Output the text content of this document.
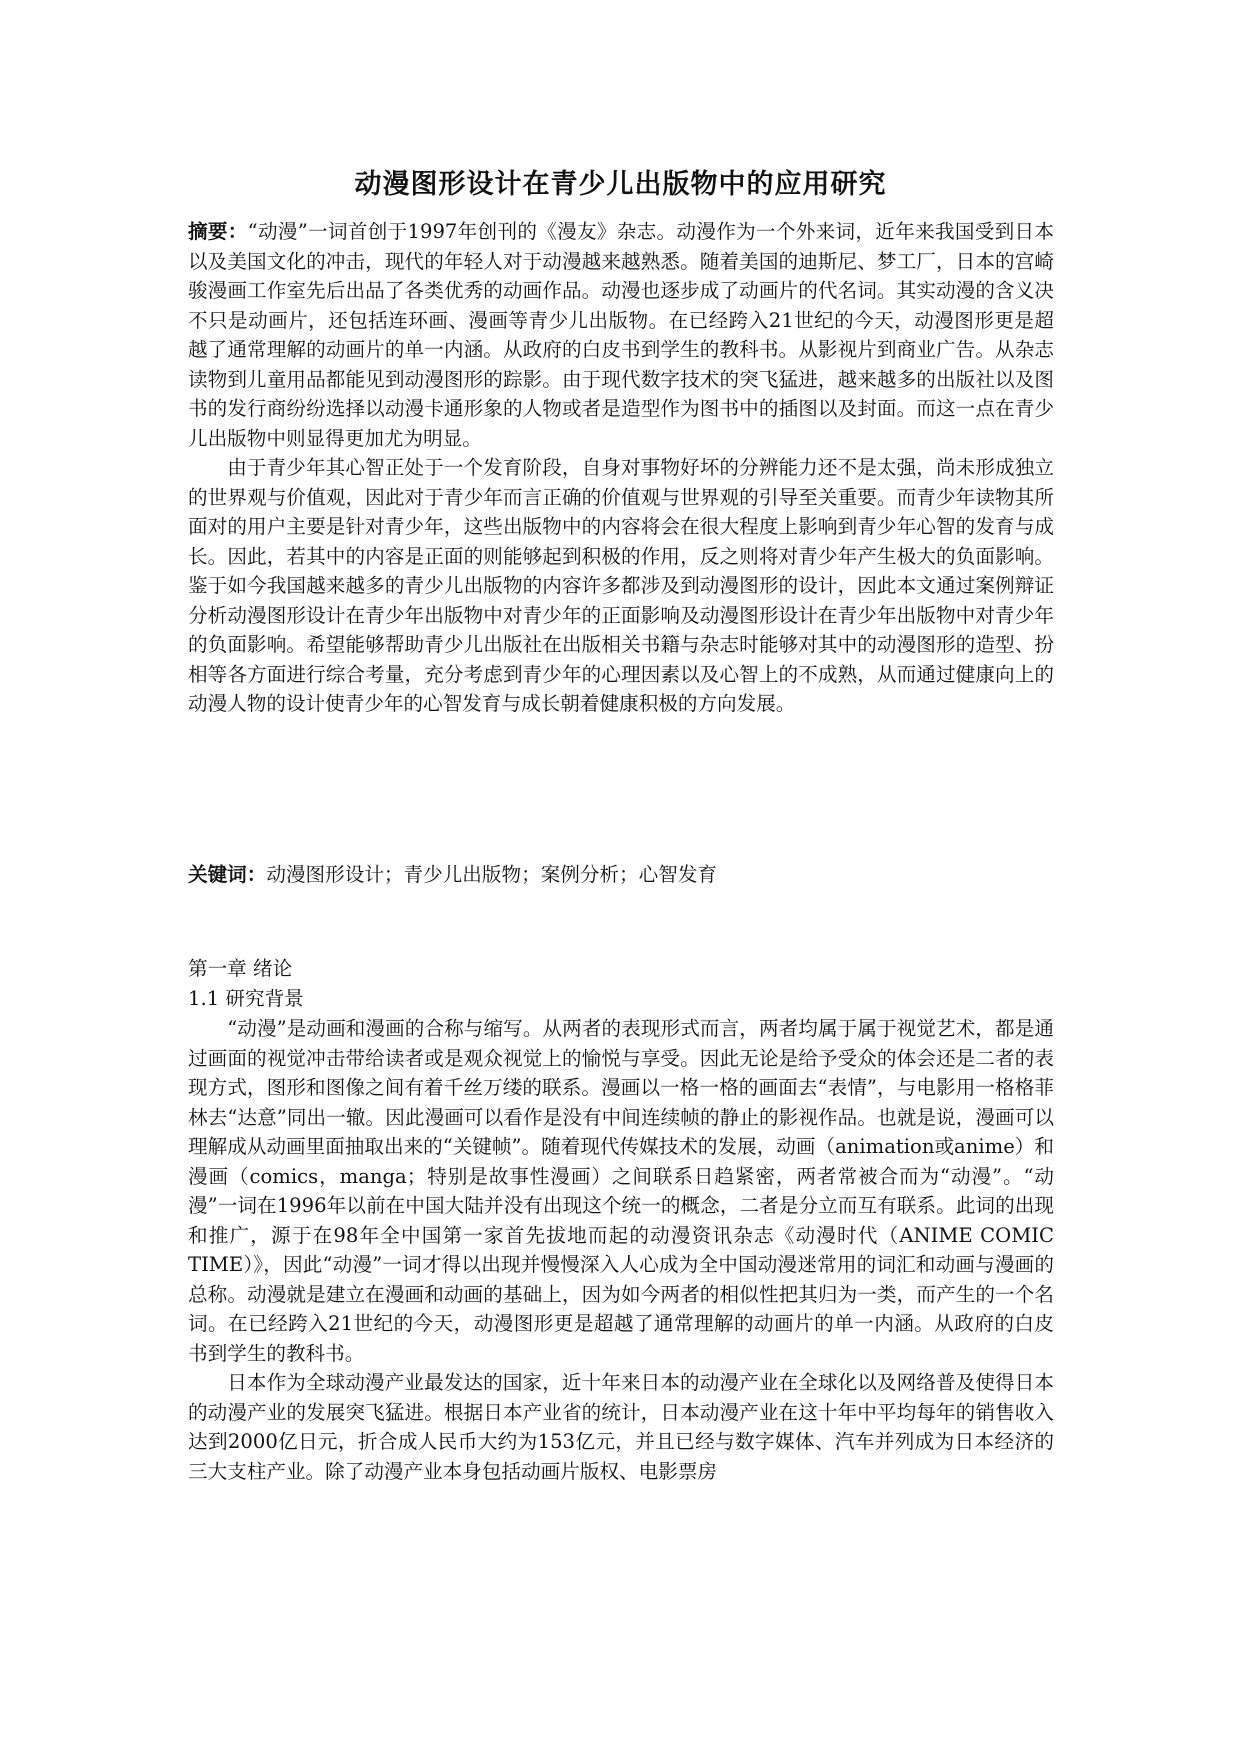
动漫图形设计在青少儿出版物中的应用研究

摘要：“动漫”一词首创于1997年创刊的《漫友》杂志。动漫作为一个外来词，近年来我国受到日本以及美国文化的冲击，现代的年轻人对于动漫越来越熟悉。随着美国的迪斯尼、梦工厂，日本的宫崎骏漫画工作室先后出品了各类优秀的动画作品。动漫也逐步成了动画片的代名词。其实动漫的含义决不只是动画片，还包括连环画、漫画等青少儿出版物。在已经跨入21世纪的今天，动漫图形更是超越了通常理解的动画片的单一内涵。从政府的白皮书到学生的教科书。从影视片到商业广告。从杂志读物到儿童用品都能见到动漫图形的踪影。由于现代数字技术的突飞猛进，越来越多的出版社以及图书的发行商纷纷选择以动漫卡通形象的人物或者是造型作为图书中的插图以及封面。而这一点在青少儿出版物中则显得更加尤为明显。

由于青少年其心智正处于一个发育阶段，自身对事物好坏的分辨能力还不是太强，尚未形成独立的世界观与价值观，因此对于青少年而言正确的价值观与世界观的引导至关重要。而青少年读物其所面对的用户主要是针对青少年，这些出版物中的内容将会在很大程度上影响到青少年心智的发育与成长。因此，若其中的内容是正面的则能够起到积极的作用，反之则将对青少年产生极大的负面影响。鉴于如今我国越来越多的青少儿出版物的内容许多都涉及到动漫图形的设计，因此本文通过案例辩证分析动漫图形设计在青少年出版物中对青少年的正面影响及动漫图形设计在青少年出版物中对青少年的负面影响。希望能够帮助青少儿出版社在出版相关书籍与杂志时能够对其中的动漫图形的造型、扮相等各方面进行综合考量，充分考虑到青少年的心理因素以及心智上的不成熟，从而通过健康向上的动漫人物的设计使青少年的心智发育与成长朝着健康积极的方向发展。

关键词：动漫图形设计；青少儿出版物；案例分析；心智发育
第一章 绪论
1.1 研究背景

“动漫”是动画和漫画的合称与缩写。从两者的表现形式而言，两者均属于属于视觉艺术，都是通过画面的视觉冲击带给读者或是观众视觉上的愉悦与享受。因此无论是给予受众的体会还是二者的表现方式，图形和图像之间有着千丝万缕的联系。漫画以一格一格的画面去“表情”，与电影用一格格菲林去“达意”同出一辙。因此漫画可以看作是没有中间连续帧的静止的影视作品。也就是说，漫画可以理解成从动画里面抽取出来的“关键帧”。随着现代传媒技术的发展，动画（animation或anime）和漫画（comics，manga；特别是故事性漫画）之间联系日趋紧密，两者常被合而为“动漫”。“动漫”一词在1996年以前在中国大陆并没有出现这个统一的概念，二者是分立而互有联系。此词的出现和推广，源于在98年全中国第一家首先拔地而起的动漫资讯杂志《动漫时代（ANIME COMIC TIME）》，因此“动漫”一词才得以出现并慢慢深入人心成为全中国动漫迷常用的词汇和动画与漫画的总称。动漫就是建立在漫画和动画的基础上，因为如今两者的相似性把其归为一类，而产生的一个名词。在已经跨入21世纪的今天，动漫图形更是超越了通常理解的动画片的单一内涵。从政府的白皮书到学生的教科书。

日本作为全球动漫产业最发达的国家，近十年来日本的动漫产业在全球化以及网络普及使得日本的动漫产业的发展突飞猛进。根据日本产业省的统计，日本动漫产业在这十年中平均每年的销售收入达到2000亿日元，折合成人民币大约为153亿元，并且已经与数字媒体、汽车并列成为日本经济的三大支柱产业。除了动漫产业本身包括动画片版权、电影票房
